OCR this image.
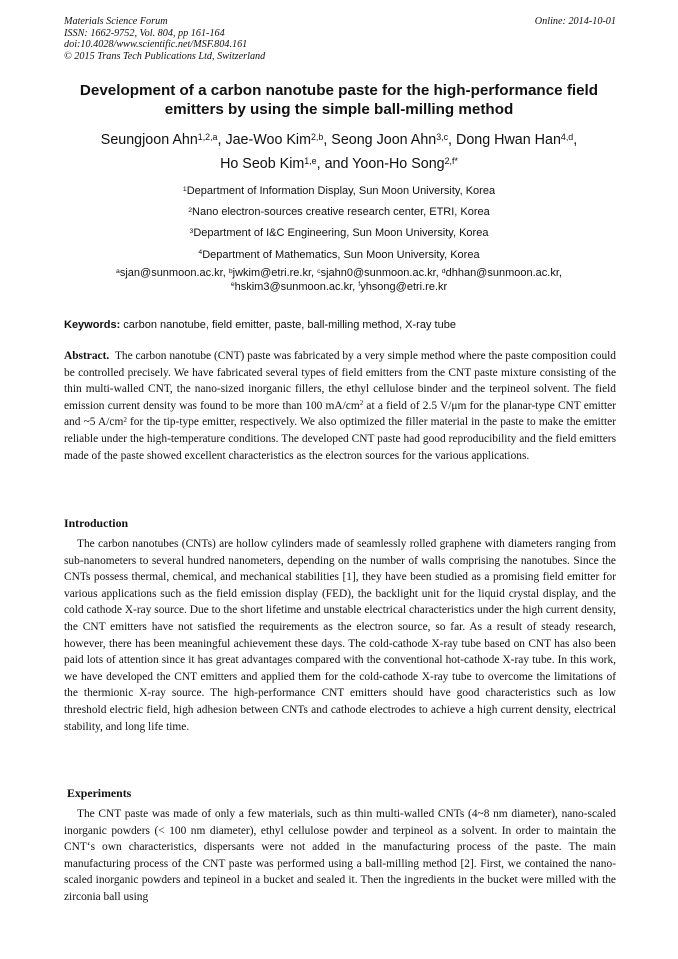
Materials Science Forum
ISSN: 1662-9752, Vol. 804, pp 161-164
doi:10.4028/www.scientific.net/MSF.804.161
© 2015 Trans Tech Publications Ltd, Switzerland
Online: 2014-10-01
Development of a carbon nanotube paste for the high-performance field
emitters by using the simple ball-milling method
Seungjoon Ahn$^{1,2,a}$, Jae-Woo Kim$^{2,b}$, Seong Joon Ahn$^{3,c}$, Dong Hwan Han$^{4,d}$,
Ho Seob Kim$^{1,e}$, and Yoon-Ho Song$^{2,f*}$
$^1$Department of Information Display, Sun Moon University, Korea
$^2$Nano electron-sources creative research center, ETRI, Korea
$^3$Department of I&C Engineering, Sun Moon University, Korea
$^4$Department of Mathematics, Sun Moon University, Korea
$^a$sjan@sunmoon.ac.kr, $^b$jwkim@etri.re.kr, $^c$sjahn0@sunmoon.ac.kr, $^d$dhhan@sunmoon.ac.kr,
$^e$hskim3@sunmoon.ac.kr, $^f$yhsong@etri.re.kr
Keywords: carbon nanotube, field emitter, paste, ball-milling method, X-ray tube
Abstract. The carbon nanotube (CNT) paste was fabricated by a very simple method where the paste composition could be controlled precisely. We have fabricated several types of field emitters from the CNT paste mixture consisting of the thin multi-walled CNT, the nano-sized inorganic fillers, the ethyl cellulose binder and the terpineol solvent. The field emission current density was found to be more than 100 $mA/cm^2$ at a field of 2.5 V/μm for the planar-type CNT emitter and ~5 $A/cm^2$ for the tip-type emitter, respectively. We also optimized the filler material in the paste to make the emitter reliable under the high-temperature conditions. The developed CNT paste had good reproducibility and the field emitters made of the paste showed excellent characteristics as the electron sources for the various applications.
Introduction
The carbon nanotubes (CNTs) are hollow cylinders made of seamlessly rolled graphene with diameters ranging from sub-nanometers to several hundred nanometers, depending on the number of walls comprising the nanotubes. Since the CNTs possess thermal, chemical, and mechanical stabilities [1], they have been studied as a promising field emitter for various applications such as the field emission display (FED), the backlight unit for the liquid crystal display, and the cold cathode X-ray source. Due to the short lifetime and unstable electrical characteristics under the high current density, the CNT emitters have not satisfied the requirements as the electron source, so far. As a result of steady research, however, there has been meaningful achievement these days. The cold-cathode X-ray tube based on CNT has also been paid lots of attention since it has great advantages compared with the conventional hot-cathode X-ray tube. In this work, we have developed the CNT emitters and applied them for the cold-cathode X-ray tube to overcome the limitations of the thermionic X-ray source. The high-performance CNT emitters should have good characteristics such as low threshold electric field, high adhesion between CNTs and cathode electrodes to achieve a high current density, electrical stability, and long life time.
Experiments
The CNT paste was made of only a few materials, such as thin multi-walled CNTs (4~8 nm diameter), nano-scaled inorganic powders (< 100 nm diameter), ethyl cellulose powder and terpineol as a solvent. In order to maintain the CNT‘s own characteristics, dispersants were not added in the manufacturing process of the paste. The main manufacturing process of the CNT paste was performed using a ball-milling method [2]. First, we contained the nano-scaled inorganic powders and tepineol in a bucket and sealed it. Then the ingredients in the bucket were milled with the zirconia ball using
